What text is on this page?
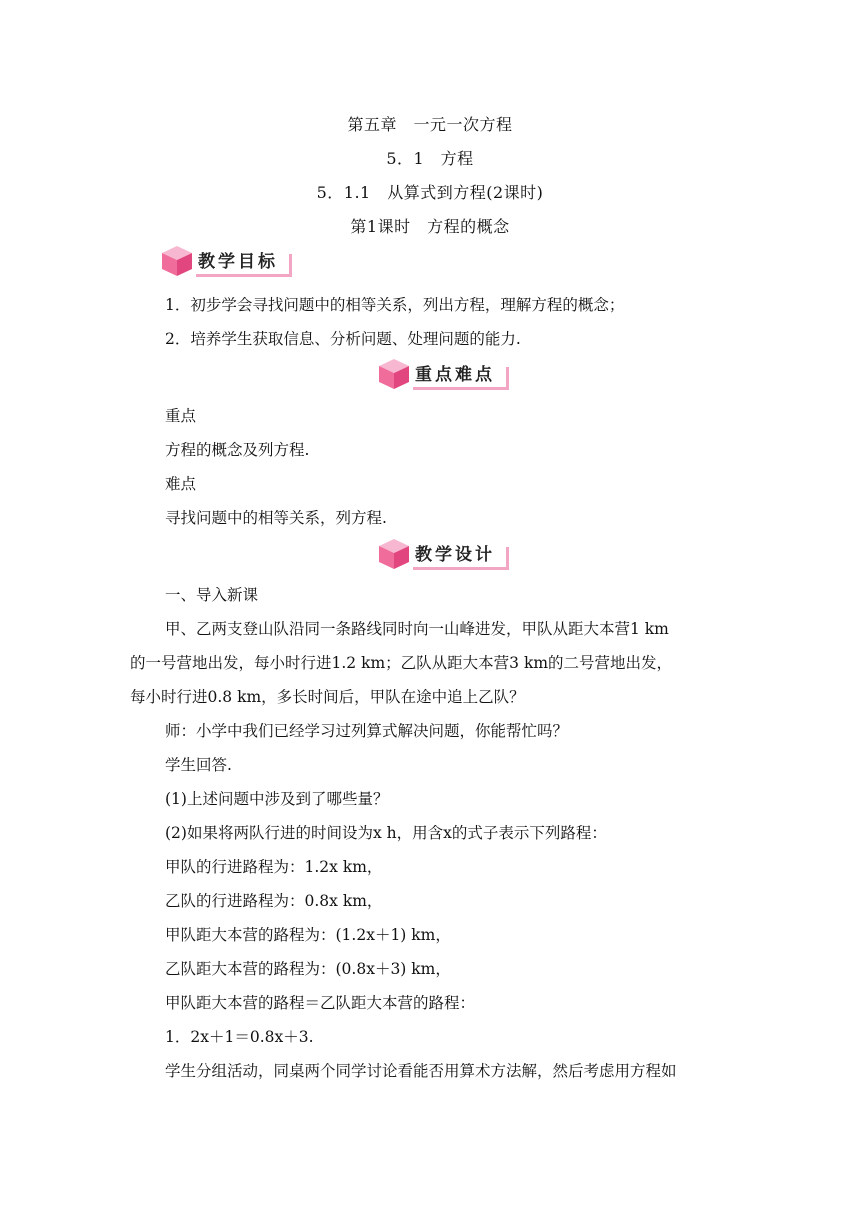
第五章　一元一次方程
5．1　方程
5．1.1　从算式到方程(2课时)
第1课时　方程的概念
教学目标
1．初步学会寻找问题中的相等关系，列出方程，理解方程的概念；
2．培养学生获取信息、分析问题、处理问题的能力.
重点难点
重点
方程的概念及列方程.
难点
寻找问题中的相等关系，列方程.
教学设计
一、导入新课
甲、乙两支登山队沿同一条路线同时向一山峰进发，甲队从距大本营1 km
的一号营地出发，每小时行进1.2 km；乙队从距大本营3 km的二号营地出发，
每小时行进0.8 km，多长时间后，甲队在途中追上乙队？
师：小学中我们已经学习过列算式解决问题，你能帮忙吗？
学生回答.
(1)上述问题中涉及到了哪些量？
(2)如果将两队行进的时间设为x h，用含x的式子表示下列路程：
甲队的行进路程为：1.2x km，
乙队的行进路程为：0.8x km，
甲队距大本营的路程为：(1.2x＋1) km，
乙队距大本营的路程为：(0.8x＋3) km，
甲队距大本营的路程＝乙队距大本营的路程：
1．2x＋1＝0.8x＋3.
学生分组活动，同桌两个同学讨论看能否用算术方法解，然后考虑用方程如
